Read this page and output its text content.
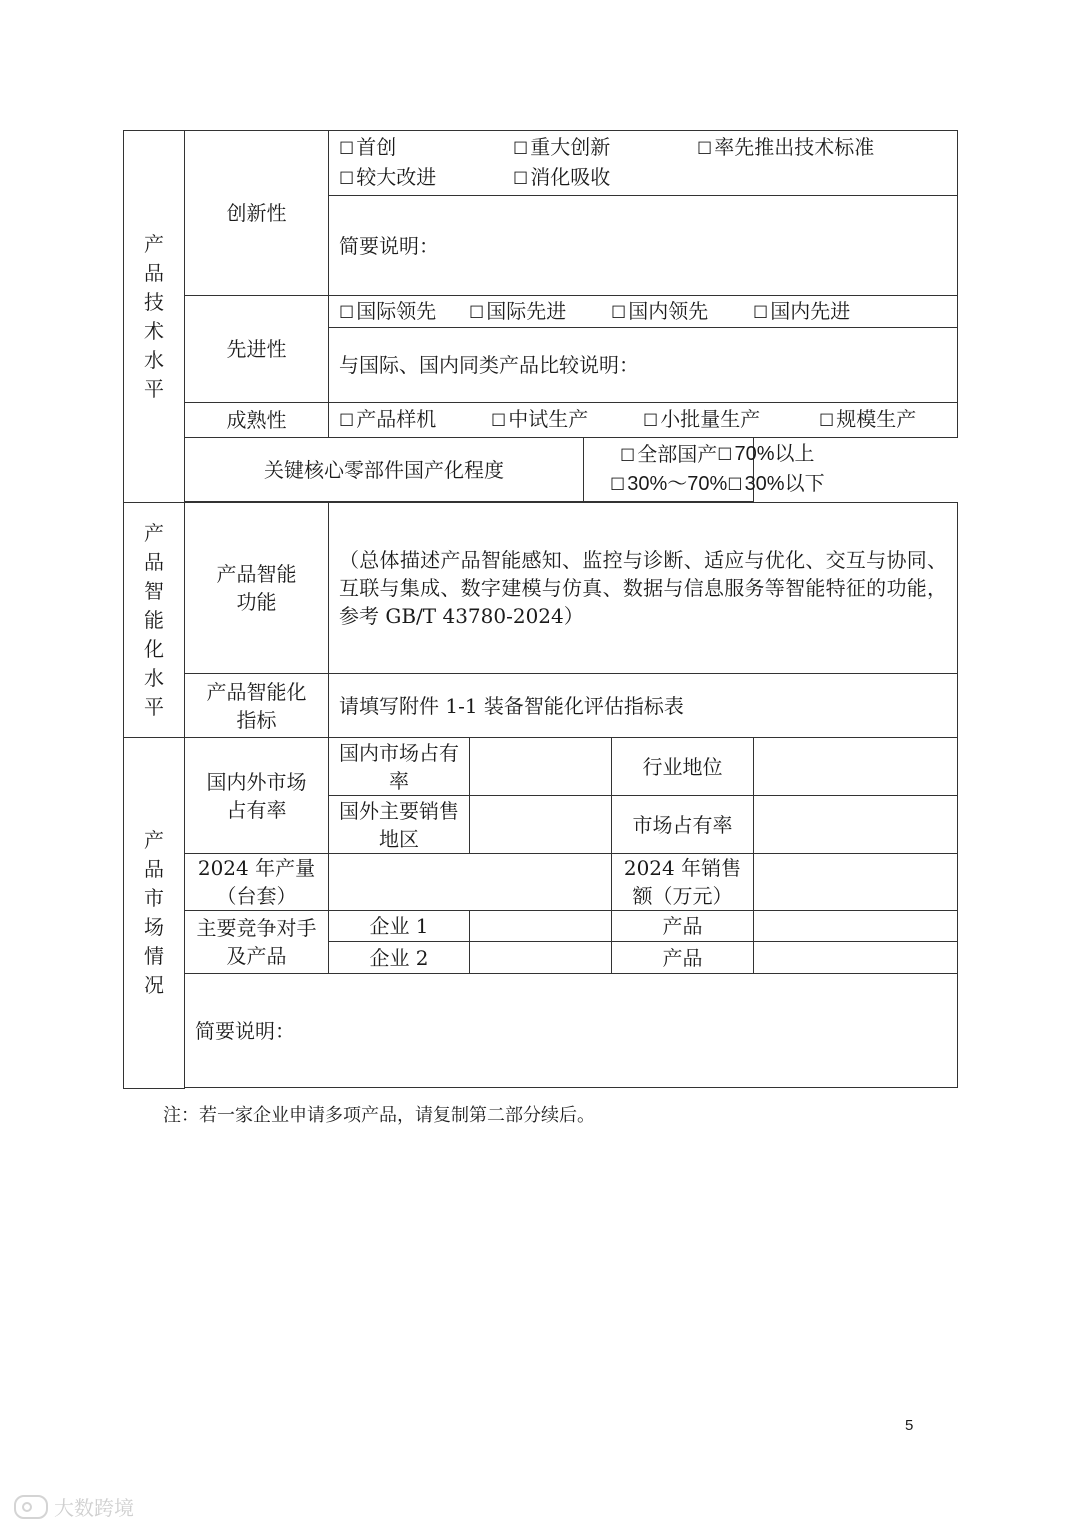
产品技术水平	创新性	☐ 首创 ☐ 重大创新 ☐ 率先推出技术标准
☐ 较大改进 ☐ 消化吸收				

		简要说明：				
	先进性	☐ 国际领先 ☐ 国际先进 ☐ 国内领先 ☐ 国内先进				

		与国际、国内同类产品比较说明：				
	成熟性	☐ 产品样机 ☐ 中试生产 ☐ 小批量生产 ☐ 规模生产				

	关键核心零部件国产化程度			☐ 全部国产 ☐ 70%以上
☐ 30%～70% ☐ 30%以下		

产品智能化水平	产品智能功能	（总体描述产品智能感知、监控与诊断、适应与优化、交互与协同、互联与集成、数字建模与仿真、数据与信息服务等智能特征的功能，参考 GB/T 43780-2024）				
	产品智能化指标	请填写附件 1-1 装备智能化评估指标表				

产品市场情况	国内外市场占有率	国内市场占有率			行业地位	
		国外主要销售地区			市场占有率	
	2024 年产量（台套）				2024 年销售额（万元）	
	主要竞争对手及产品	企业 1			产品	
		企业 2			产品	
	简要说明：					

注：若一家企业申请多项产品，请复制第二部分续后。
5
大数跨境
